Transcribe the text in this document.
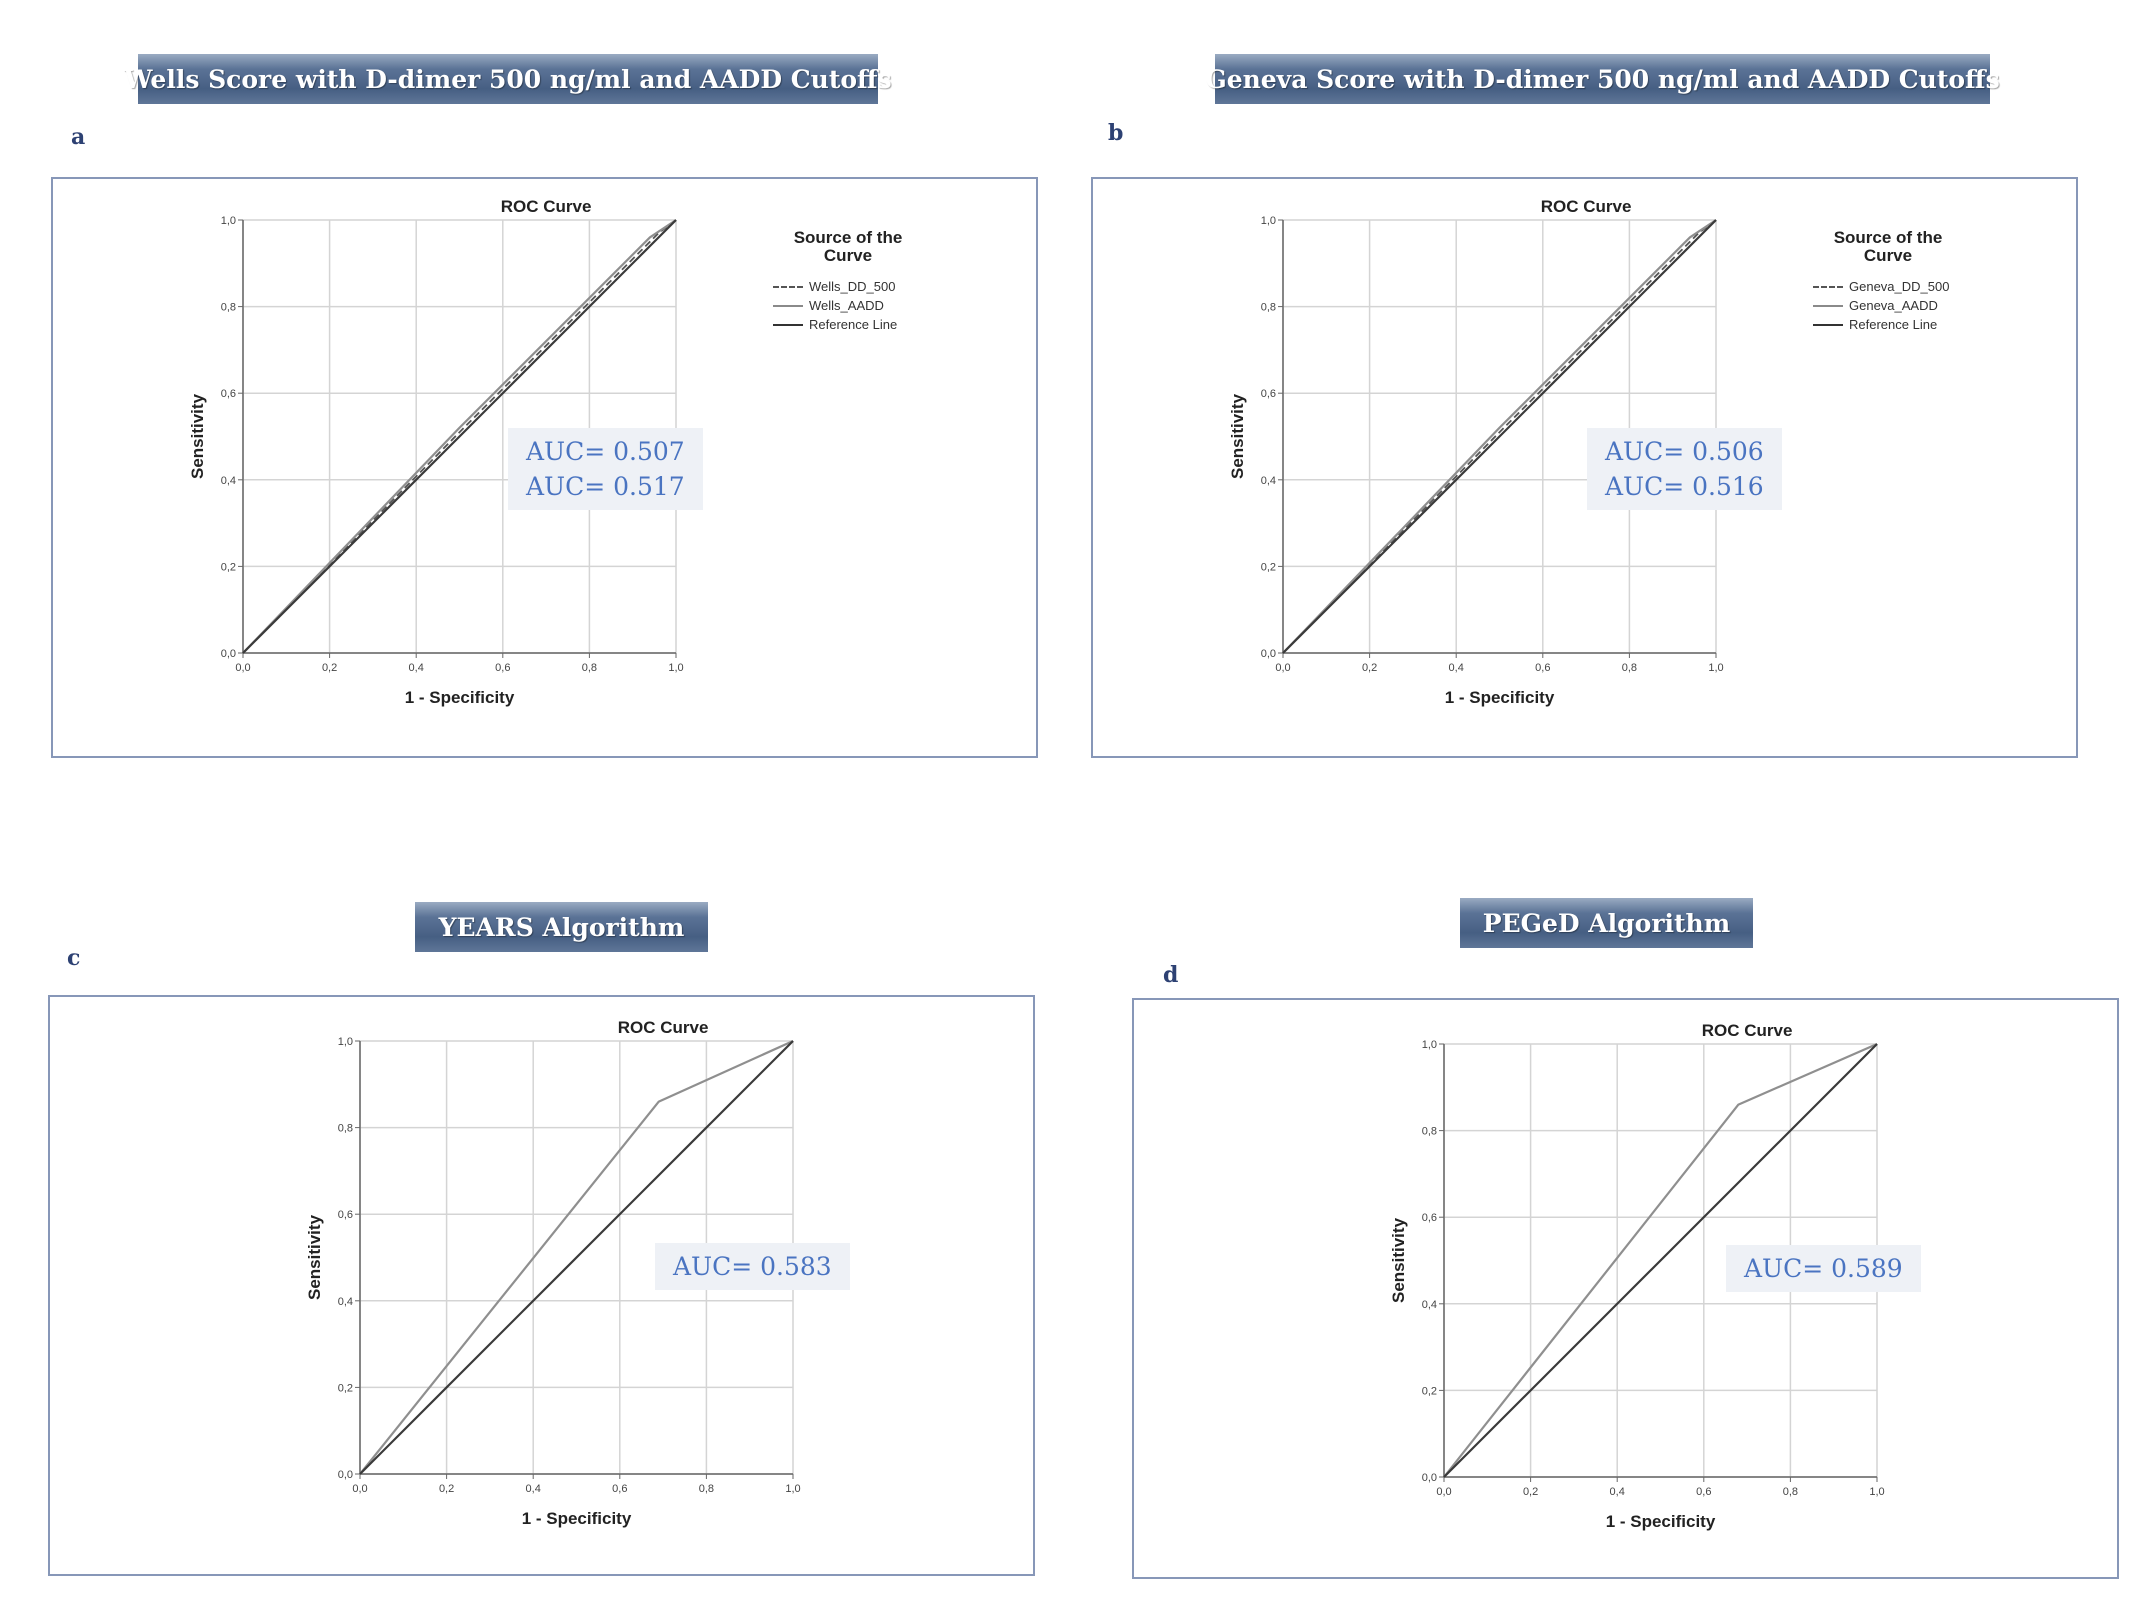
Wells Score with D-dimer 500 ng/ml and AADD Cutoffs
a
0,0	0,2	0,4	0,6	0,8	1,0
0,0
0,2
0,4
0,6
0,8
1,0
ROC Curve
1 - Specificity
Sensitivity
Source of the
Curve
Wells_DD_500
Wells_AADD
Reference Line
AUC= 0.507
AUC= 0.517
Geneva Score with D-dimer 500 ng/ml and AADD Cutoffs
b
0,0	0,2	0,4	0,6	0,8	1,0
0,0
0,2
0,4
0,6
0,8
1,0
ROC Curve
1 - Specificity
Sensitivity
Source of the
Curve
Geneva_DD_500
Geneva_AADD
Reference Line
AUC= 0.506
AUC= 0.516
YEARS Algorithm
c
0,0	0,2	0,4	0,6	0,8	1,0
0,0
0,2
0,4
0,6
0,8
1,0
ROC Curve
1 - Specificity
Sensitivity	AUC= 0.583
PEGeD Algorithm
d
0,0	0,2	0,4	0,6	0,8	1,0
0,0
0,2
0,4
0,6
0,8
1,0
ROC Curve
1 - Specificity
Sensitivity	AUC= 0.589
